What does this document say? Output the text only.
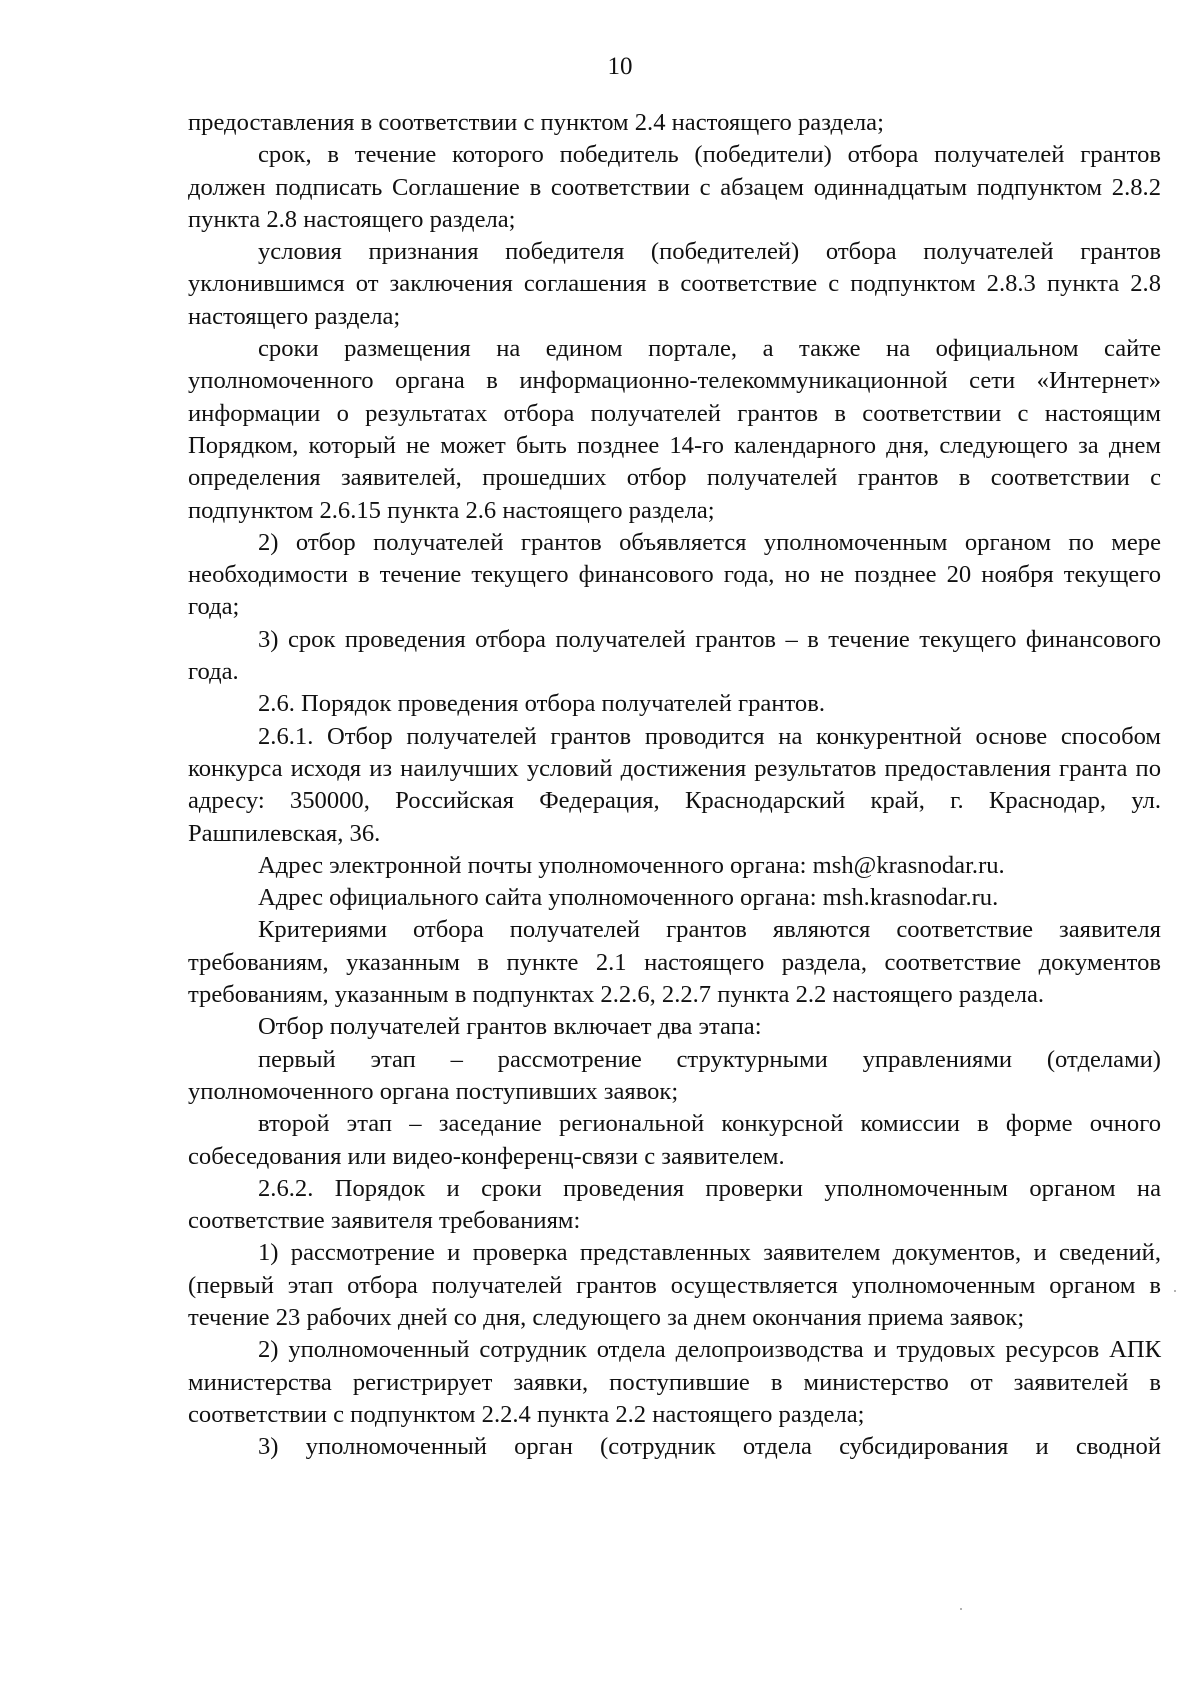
10

предоставления в соответствии с пунктом 2.4 настоящего раздела;

срок, в течение которого победитель (победители) отбора получателей грантов должен подписать Соглашение в соответствии с абзацем одиннадцатым подпунктом 2.8.2 пункта 2.8 настоящего раздела;

условия признания победителя (победителей) отбора получателей грантов уклонившимся от заключения соглашения в соответствие с подпунктом 2.8.3 пункта 2.8 настоящего раздела;

сроки размещения на едином портале, а также на официальном сайте уполномоченного органа в информационно-телекоммуникационной сети «Интернет» информации о результатах отбора получателей грантов в соответствии с настоящим Порядком, который не может быть позднее 14-го календарного дня, следующего за днем определения заявителей, прошедших отбор получателей грантов в соответствии с подпунктом 2.6.15 пункта 2.6 настоящего раздела;

2) отбор получателей грантов объявляется уполномоченным органом по мере необходимости в течение текущего финансового года, но не позднее 20 ноября текущего года;

3) срок проведения отбора получателей грантов – в течение текущего финансового года.

2.6. Порядок проведения отбора получателей грантов.

2.6.1. Отбор получателей грантов проводится на конкурентной основе способом конкурса исходя из наилучших условий достижения результатов предоставления гранта по адресу: 350000, Российская Федерация, Краснодарский край, г. Краснодар, ул. Рашпилевская, 36.

Адрес электронной почты уполномоченного органа: msh@krasnodar.ru.

Адрес официального сайта уполномоченного органа: msh.krasnodar.ru.

Критериями отбора получателей грантов являются соответствие заявителя требованиям, указанным в пункте 2.1 настоящего раздела, соответствие документов требованиям, указанным в подпунктах 2.2.6, 2.2.7 пункта 2.2 настоящего раздела.

Отбор получателей грантов включает два этапа:

первый этап – рассмотрение структурными управлениями (отделами) уполномоченного органа поступивших заявок;

второй этап – заседание региональной конкурсной комиссии в форме очного собеседования или видео-конференц-связи с заявителем.

2.6.2. Порядок и сроки проведения проверки уполномоченным органом на соответствие заявителя требованиям:

1) рассмотрение и проверка представленных заявителем документов, и сведений, (первый этап отбора получателей грантов осуществляется уполномоченным органом в течение 23 рабочих дней со дня, следующего за днем окончания приема заявок;

2) уполномоченный сотрудник отдела делопроизводства и трудовых ресурсов АПК министерства регистрирует заявки, поступившие в министерство от заявителей в соответствии с подпунктом 2.2.4 пункта 2.2 настоящего раздела;

3) уполномоченный орган (сотрудник отдела субсидирования и сводной
